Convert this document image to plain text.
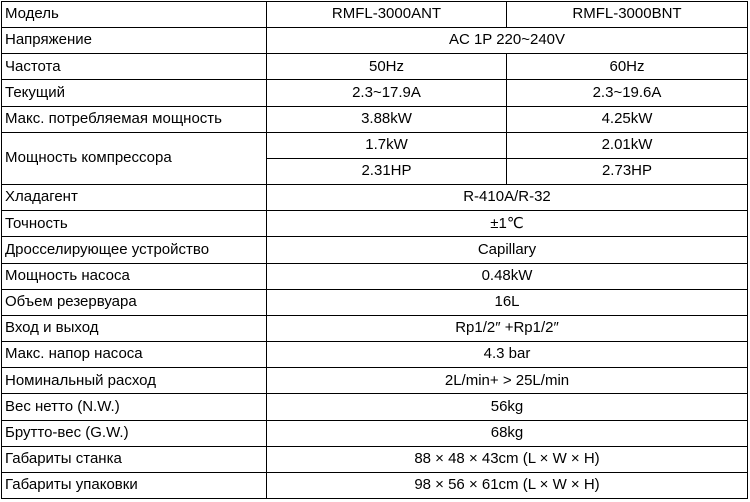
Модель	RMFL-3000ANT	RMFL-3000BNT
Напряжение	AC 1P 220~240V	
Частота	50Hz	60Hz
Текущий	2.3~17.9A	2.3~19.6A
Макс. потребляемая мощность	3.88kW	4.25kW
Мощность компрессора	1.7kW	2.01kW
	2.31HP	2.73HP
Хладагент	R-410A/R-32	
Точность	±1℃	
Дросселирующее устройство	Capillary	
Мощность насоса	0.48kW	
Объем резервуара	16L	
Вход и выход	Rp1/2″ +Rp1/2″	
Макс. напор насоса	4.3 bar	
Номинальный расход	2L/min+ > 25L/min	
Вес нетто (N.W.)	56kg	
Брутто-вес (G.W.)	68kg	
Габариты станка	88 × 48 × 43cm (L × W × H)	
Габариты упаковки	98 × 56 × 61cm (L × W × H)	
